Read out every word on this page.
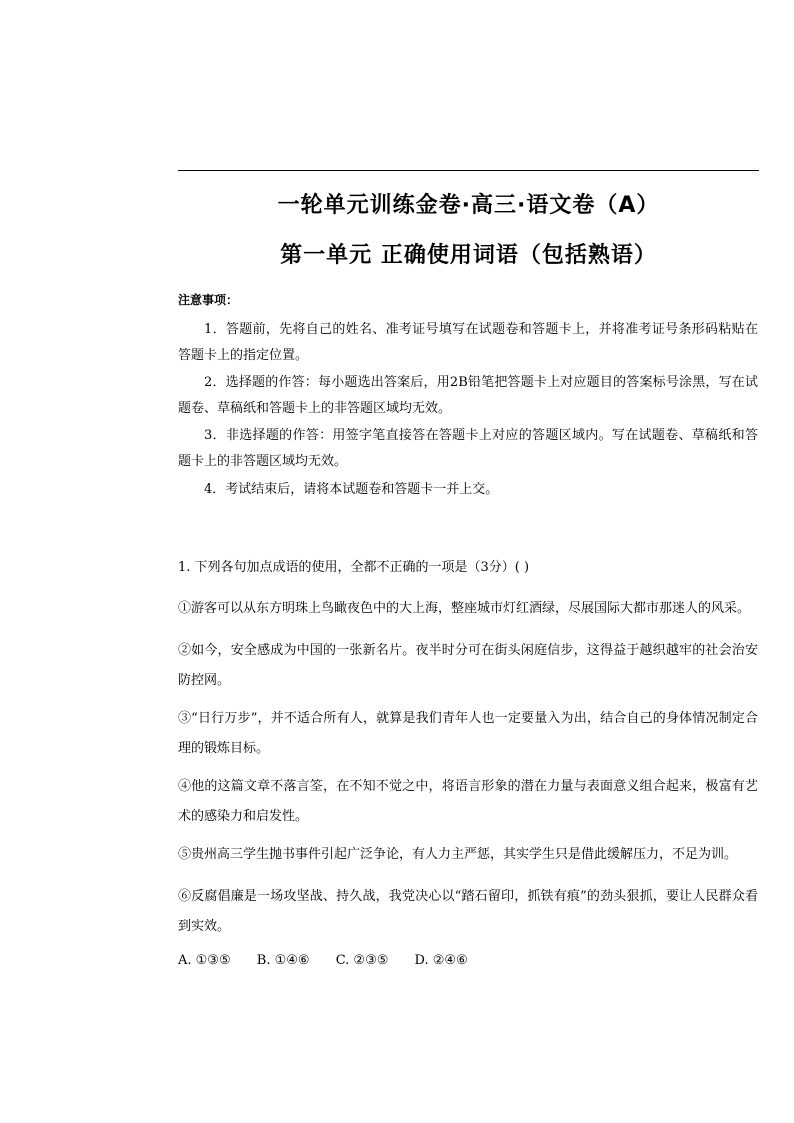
一轮单元训练金卷·高三·语文卷（A）
第一单元 正确使用词语（包括熟语）
注意事项：
1．答题前，先将自己的姓名、准考证号填写在试题卷和答题卡上，并将准考证号条形码粘贴在答题卡上的指定位置。
2．选择题的作答：每小题选出答案后，用2B铅笔把答题卡上对应题目的答案标号涂黑，写在试题卷、草稿纸和答题卡上的非答题区域均无效。
3．非选择题的作答：用签字笔直接答在答题卡上对应的答题区域内。写在试题卷、草稿纸和答题卡上的非答题区域均无效。
4．考试结束后，请将本试题卷和答题卡一并上交。
1. 下列各句加点成语的使用，全都不正确的一项是（3分）( )
①游客可以从东方明珠上鸟瞰夜色中的大上海，整座城市灯红酒绿，尽展国际大都市那迷人的风采。
②如今，安全感成为中国的一张新名片。夜半时分可在街头闲庭信步，这得益于越织越牢的社会治安防控网。
③“日行万步”，并不适合所有人，就算是我们青年人也一定要量入为出，结合自己的身体情况制定合理的锻炼目标。
④他的这篇文章不落言筌，在不知不觉之中，将语言形象的潜在力量与表面意义组合起来，极富有艺术的感染力和启发性。
⑤贵州高三学生抛书事件引起广泛争论，有人力主严惩，其实学生只是借此缓解压力，不足为训。
⑥反腐倡廉是一场攻坚战、持久战，我党决心以“踏石留印，抓铁有痕”的劲头狠抓，要让人民群众看到实效。
A. ①③⑤ B. ①④⑥ C. ②③⑤ D. ②④⑥
